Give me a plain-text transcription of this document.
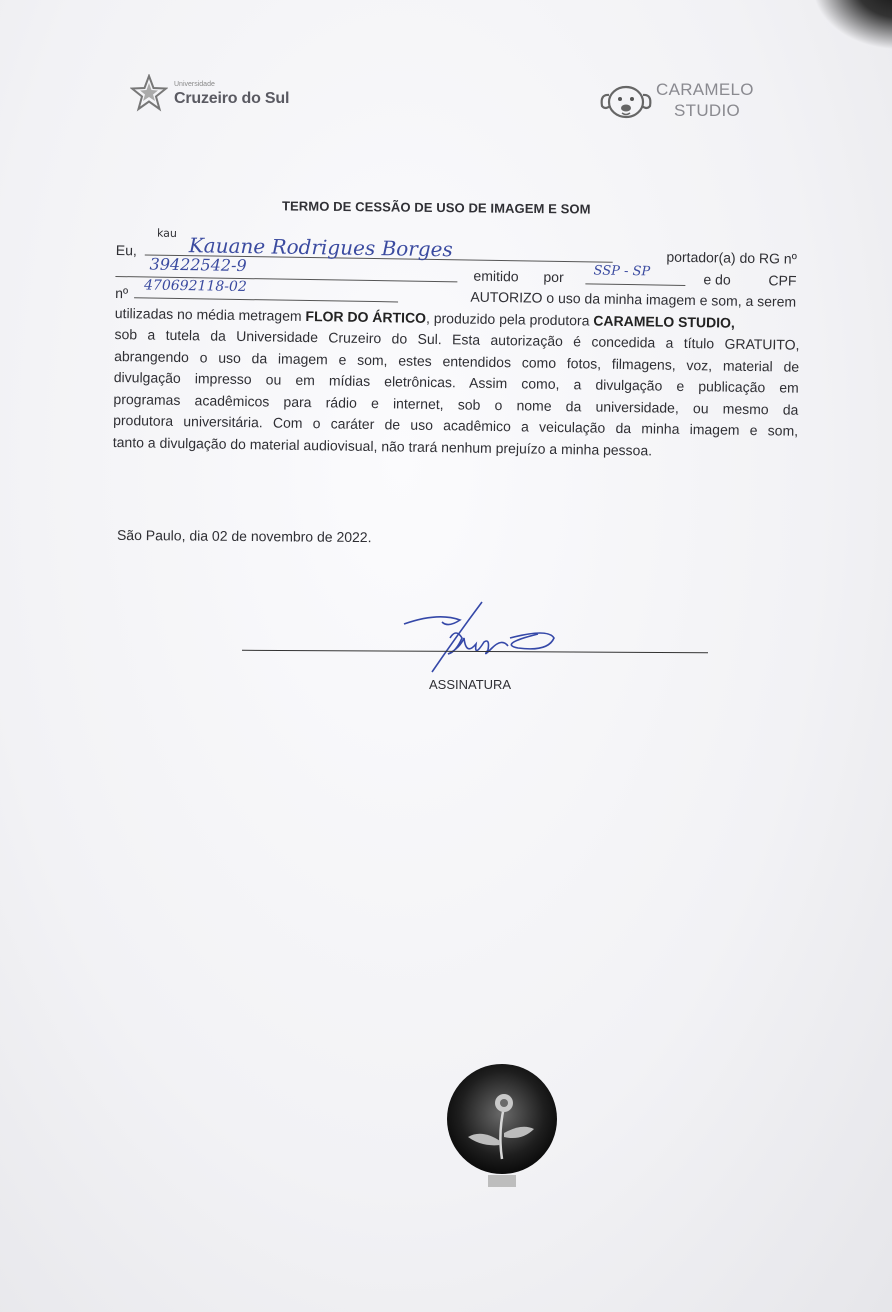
Universidade
Cruzeiro do Sul	CARAMELO
STUDIO
TERMO DE CESSÃO DE USO DE IMAGEM E SOM
Eu,
kau Kauane Rodrigues Borges	portador(a) do RG nº
39422542-9
emitido por SSP - SP	e do	CPF
nº 470692118-02
AUTORIZO o uso da minha imagem e som, a serem
utilizadas no média metragem FLOR DO ÁRTICO, produzido pela produtora CARAMELO STUDIO,
sob a tutela da Universidade Cruzeiro do Sul. Esta autorização é concedida a título GRATUITO,
abrangendo o uso da imagem e som, estes entendidos como fotos, filmagens, voz, material de
divulgação impresso ou em mídias eletrônicas. Assim como, a divulgação e publicação em
programas acadêmicos para rádio e internet, sob o nome da universidade, ou mesmo da
produtora universitária. Com o caráter de uso acadêmico a veiculação da minha imagem e som,
tanto a divulgação do material audiovisual, não trará nenhum prejuízo a minha pessoa.
São Paulo, dia 02 de novembro de 2022.
ASSINATURA
